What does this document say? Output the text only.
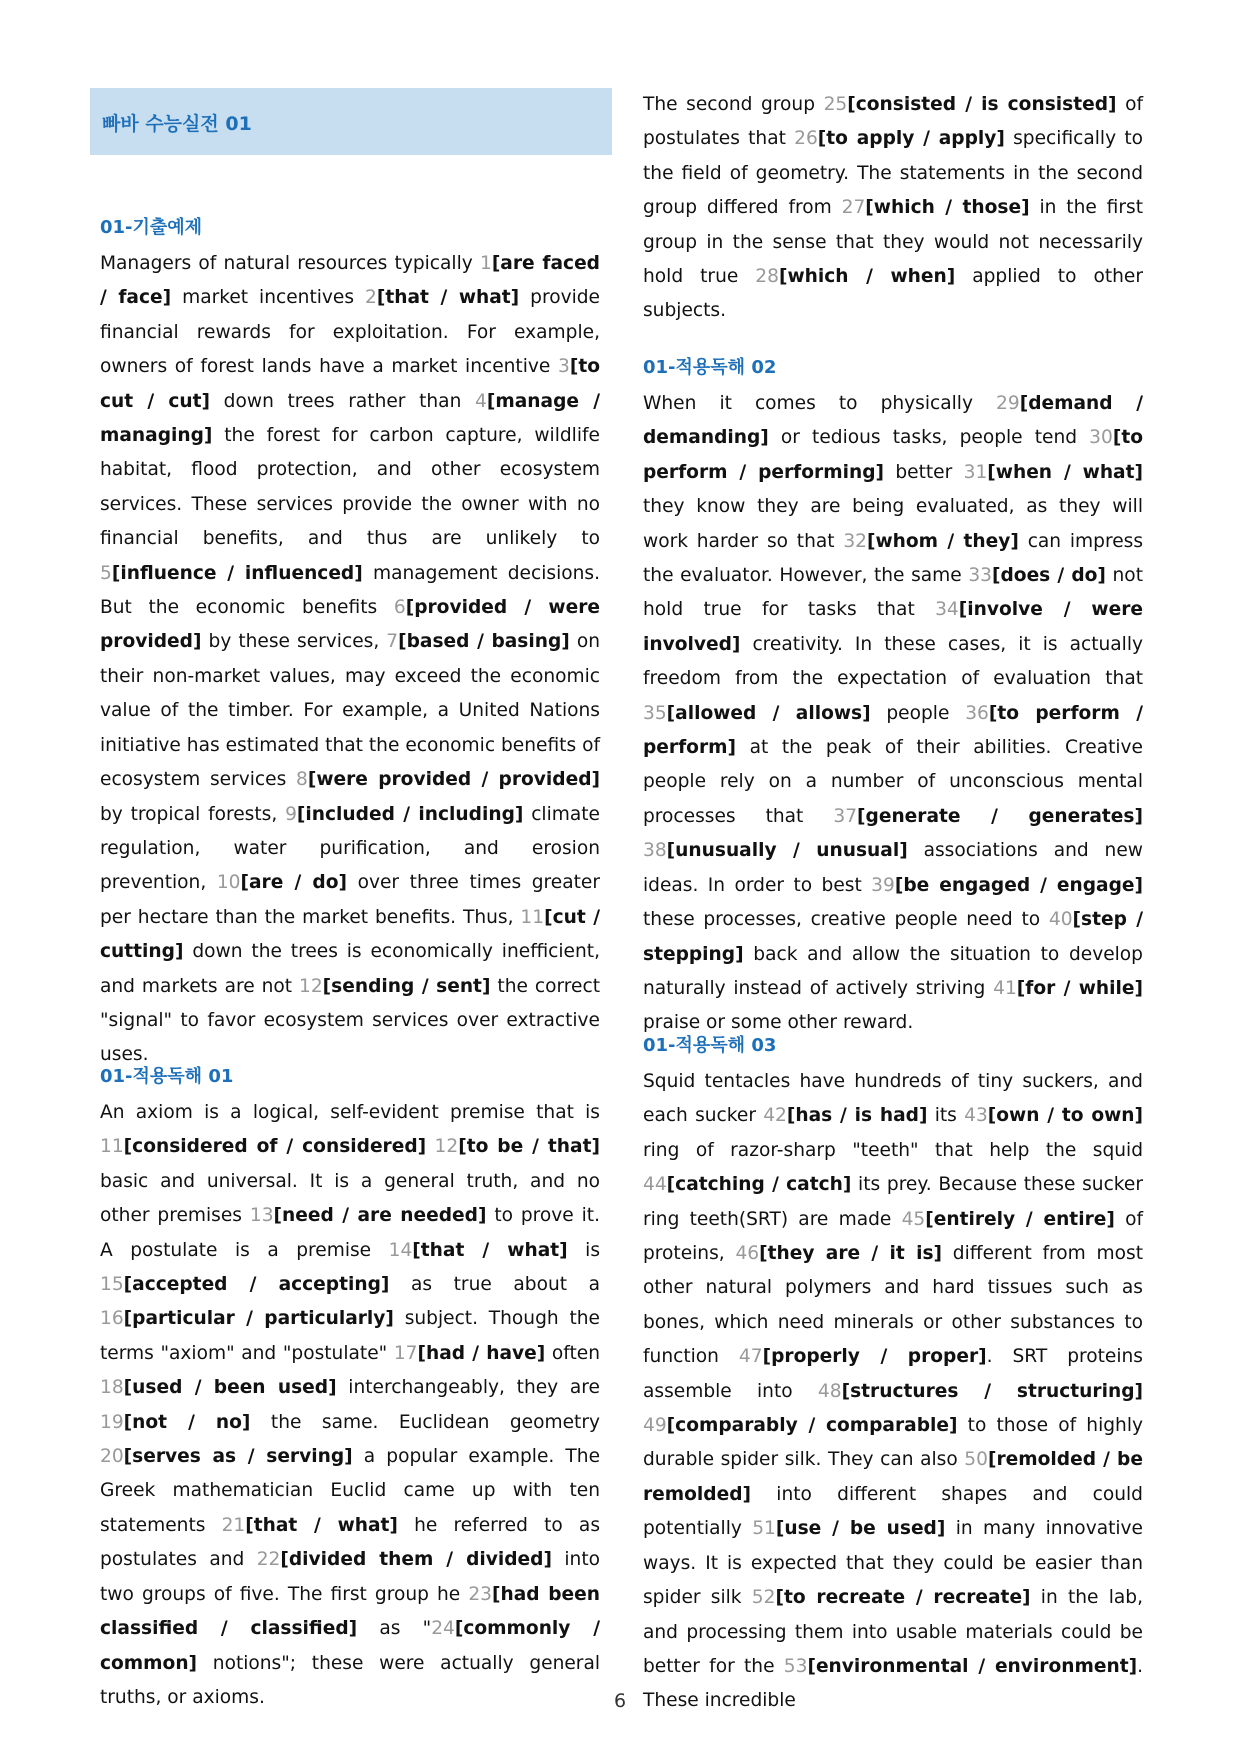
빠바 수능실전 01
01-기출예제

Managers of natural resources typically 1[are faced / face] market incentives 2[that / what] provide financial rewards for exploitation. For example, owners of forest lands have a market incentive 3[to cut / cut] down trees rather than 4[manage / managing] the forest for carbon capture, wildlife habitat, flood protection, and other ecosystem services. These services provide the owner with no financial benefits, and thus are unlikely to 5[influence / influenced] management decisions. But the economic benefits 6[provided / were provided] by these services, 7[based / basing] on their non-market values, may exceed the economic value of the timber. For example, a United Nations initiative has estimated that the economic benefits of ecosystem services 8[were provided / provided] by tropical forests, 9[included / including] climate regulation, water purification, and erosion prevention, 10[are / do] over three times greater per hectare than the market benefits. Thus, 11[cut / cutting] down the trees is economically inefficient, and markets are not 12[sending / sent] the correct "signal" to favor ecosystem services over extractive uses.

01-적용독해 01

An axiom is a logical, self-evident premise that is 11[considered of / considered] 12[to be / that] basic and universal. It is a general truth, and no other premises 13[need / are needed] to prove it. A postulate is a premise 14[that / what] is 15[accepted / accepting] as true about a 16[particular / particularly] subject. Though the terms "axiom" and "postulate" 17[had / have] often 18[used / been used] interchangeably, they are 19[not / no] the same. Euclidean geometry 20[serves as / serving] a popular example. The Greek mathematician Euclid came up with ten statements 21[that / what] he referred to as postulates and 22[divided them / divided] into two groups of five. The first group he 23[had been classified / classified] as "24[commonly / common] notions"; these were actually general truths, or axioms.

The second group 25[consisted / is consisted] of postulates that 26[to apply / apply] specifically to the field of geometry. The statements in the second group differed from 27[which / those] in the first group in the sense that they would not necessarily hold true 28[which / when] applied to other subjects.

01-적용독해 02

When it comes to physically 29[demand / demanding] or tedious tasks, people tend 30[to perform / performing] better 31[when / what] they know they are being evaluated, as they will work harder so that 32[whom / they] can impress the evaluator. However, the same 33[does / do] not hold true for tasks that 34[involve / were involved] creativity. In these cases, it is actually freedom from the expectation of evaluation that 35[allowed / allows] people 36[to perform / perform] at the peak of their abilities. Creative people rely on a number of unconscious mental processes that 37[generate / generates] 38[unusually / unusual] associations and new ideas. In order to best 39[be engaged / engage] these processes, creative people need to 40[step / stepping] back and allow the situation to develop naturally instead of actively striving 41[for / while] praise or some other reward.

01-적용독해 03

Squid tentacles have hundreds of tiny suckers, and each sucker 42[has / is had] its 43[own / to own] ring of razor-sharp "teeth" that help the squid 44[catching / catch] its prey. Because these sucker ring teeth(SRT) are made 45[entirely / entire] of proteins, 46[they are / it is] different from most other natural polymers and hard tissues such as bones, which need minerals or other substances to function 47[properly / proper]. SRT proteins assemble into 48[structures / structuring] 49[comparably / comparable] to those of highly durable spider silk. They can also 50[remolded / be remolded] into different shapes and could potentially 51[use / be used] in many innovative ways. It is expected that they could be easier than spider silk 52[to recreate / recreate] in the lab, and processing them into usable materials could be better for the 53[environmental / environment]. These incredible

6
